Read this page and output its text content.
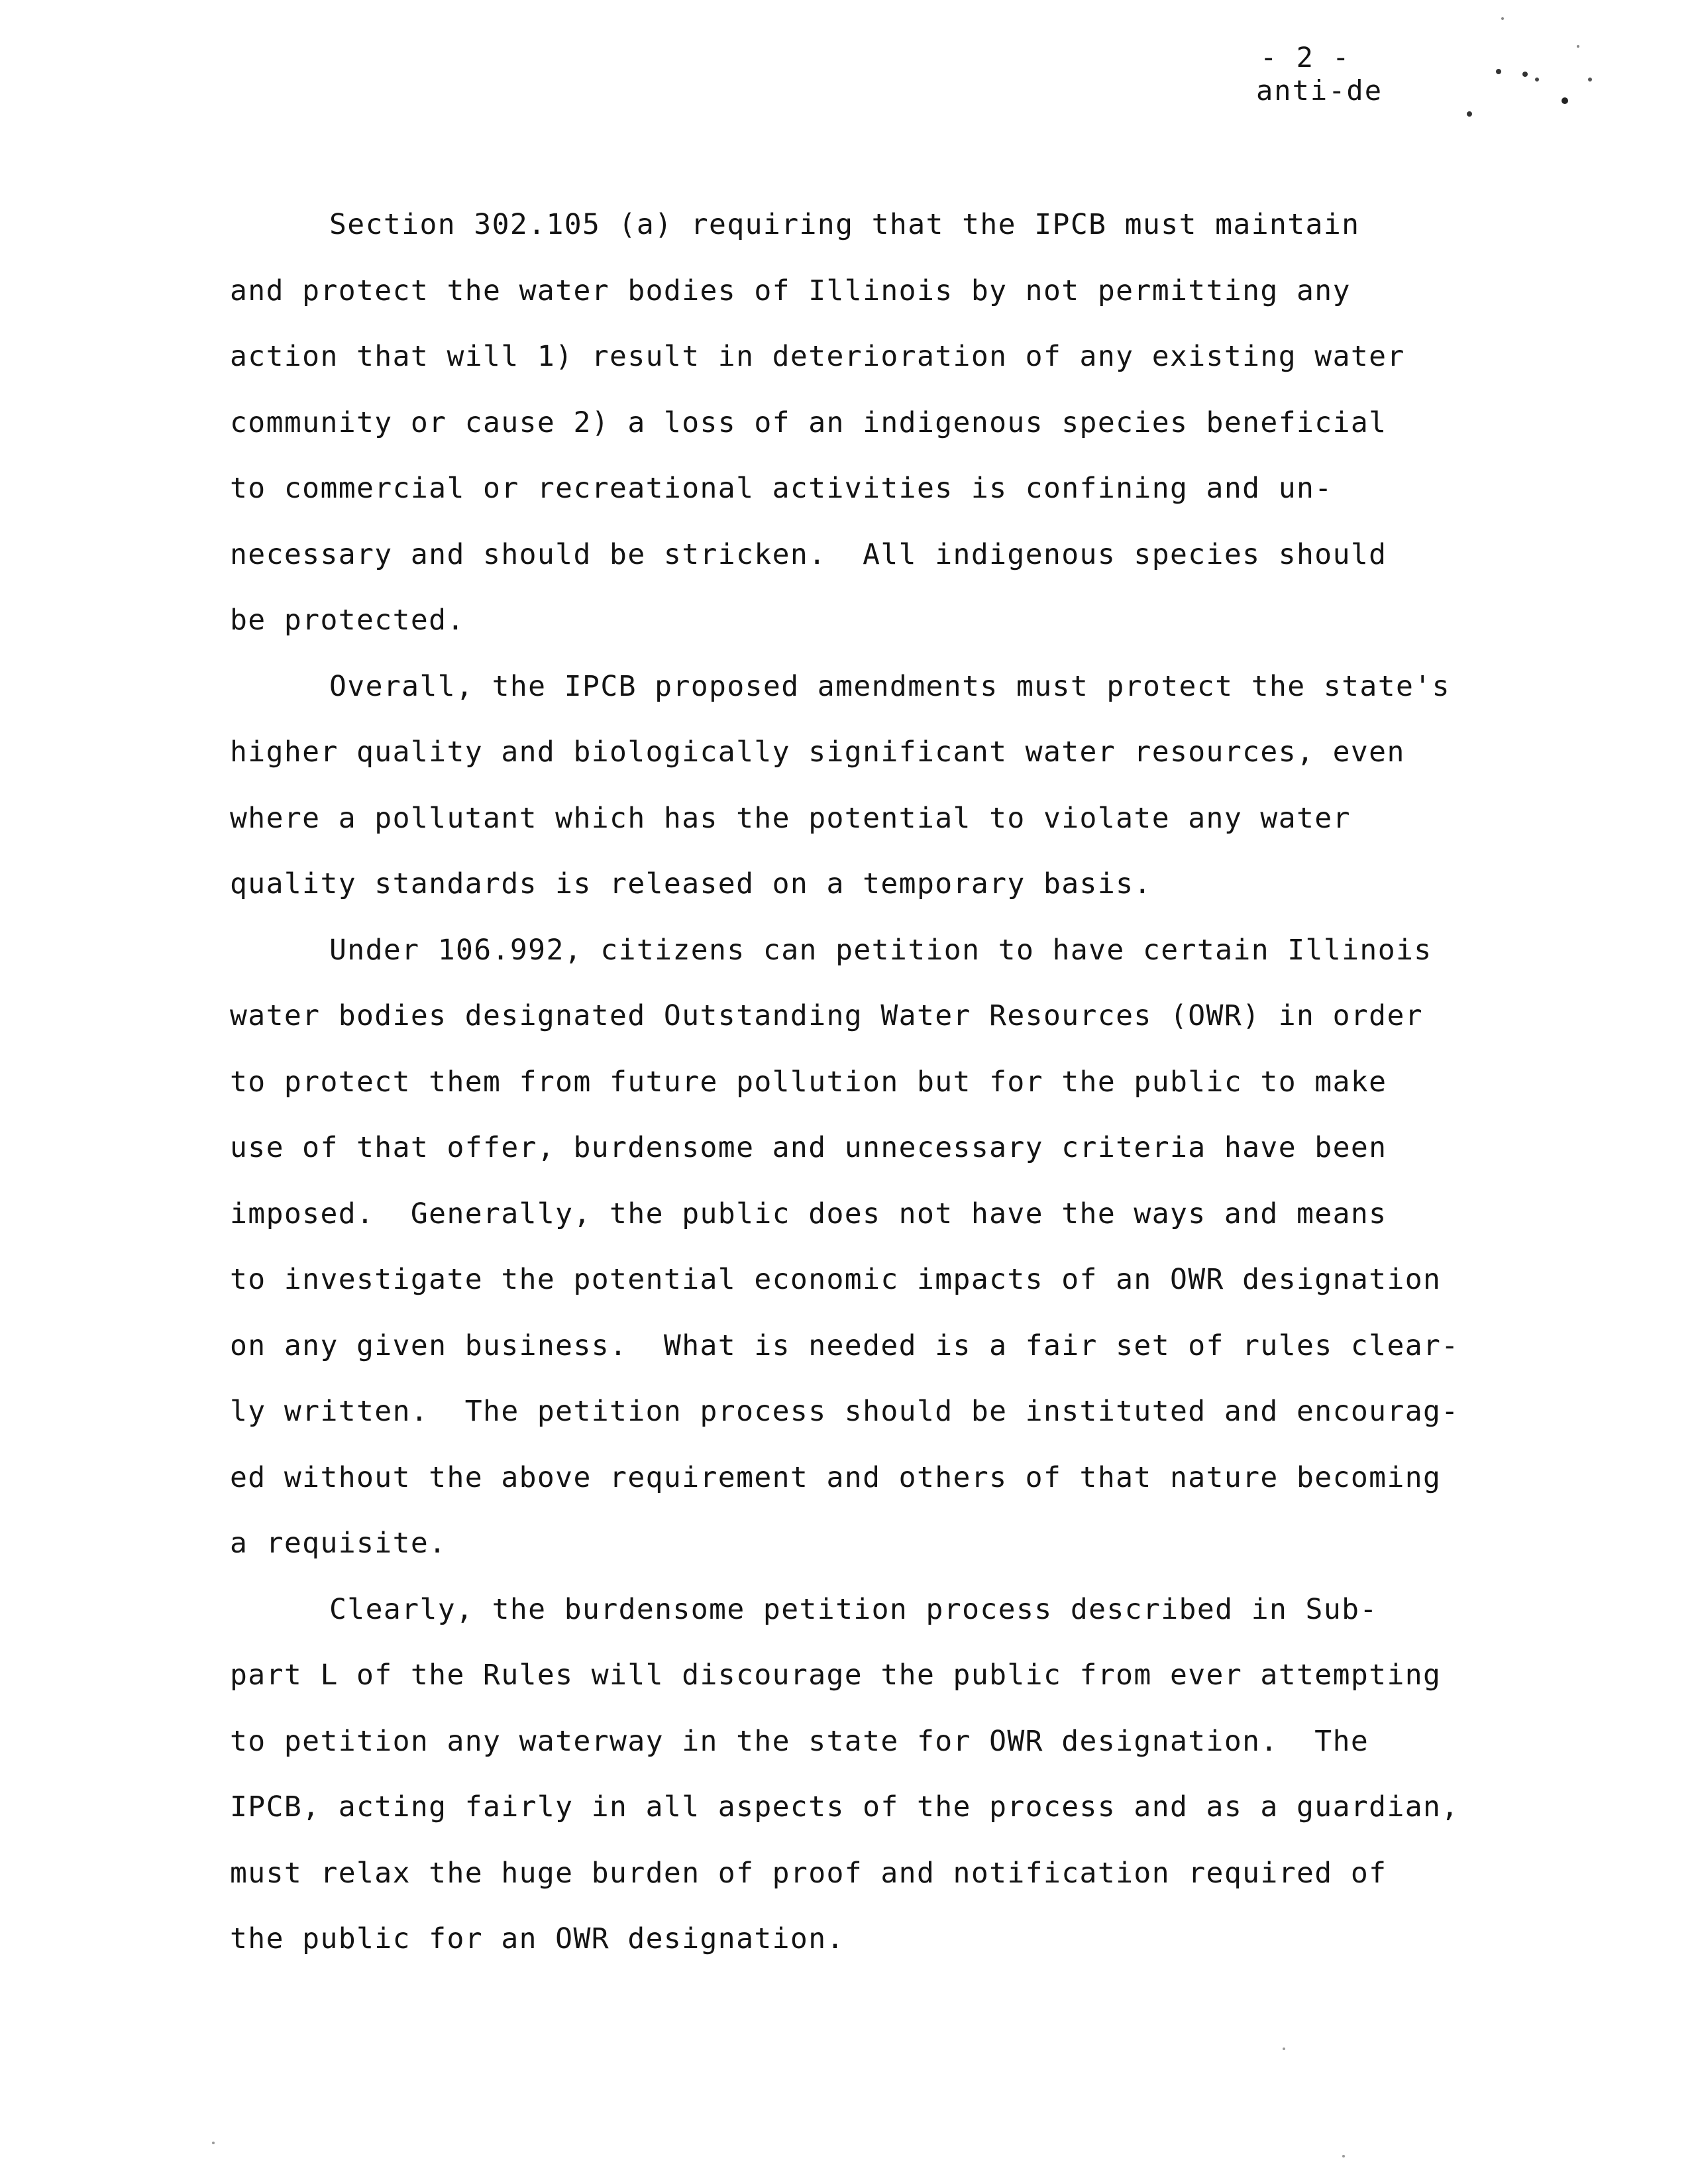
- 2 -
anti-de
Section 302.105 (a) requiring that the IPCB must maintain
and protect the water bodies of Illinois by not permitting any
action that will 1) result in deterioration of any existing water
community or cause 2) a loss of an indigenous species beneficial
to commercial or recreational activities is confining and un-
necessary and should be stricken.  All indigenous species should
be protected.
Overall, the IPCB proposed amendments must protect the state's
higher quality and biologically significant water resources, even
where a pollutant which has the potential to violate any water
quality standards is released on a temporary basis.
Under 106.992, citizens can petition to have certain Illinois
water bodies designated Outstanding Water Resources (OWR) in order
to protect them from future pollution but for the public to make
use of that offer, burdensome and unnecessary criteria have been
imposed.  Generally, the public does not have the ways and means
to investigate the potential economic impacts of an OWR designation
on any given business.  What is needed is a fair set of rules clear-
ly written.  The petition process should be instituted and encourag-
ed without the above requirement and others of that nature becoming
a requisite.
Clearly, the burdensome petition process described in Sub-
part L of the Rules will discourage the public from ever attempting
to petition any waterway in the state for OWR designation.  The
IPCB, acting fairly in all aspects of the process and as a guardian,
must relax the huge burden of proof and notification required of
the public for an OWR designation.
